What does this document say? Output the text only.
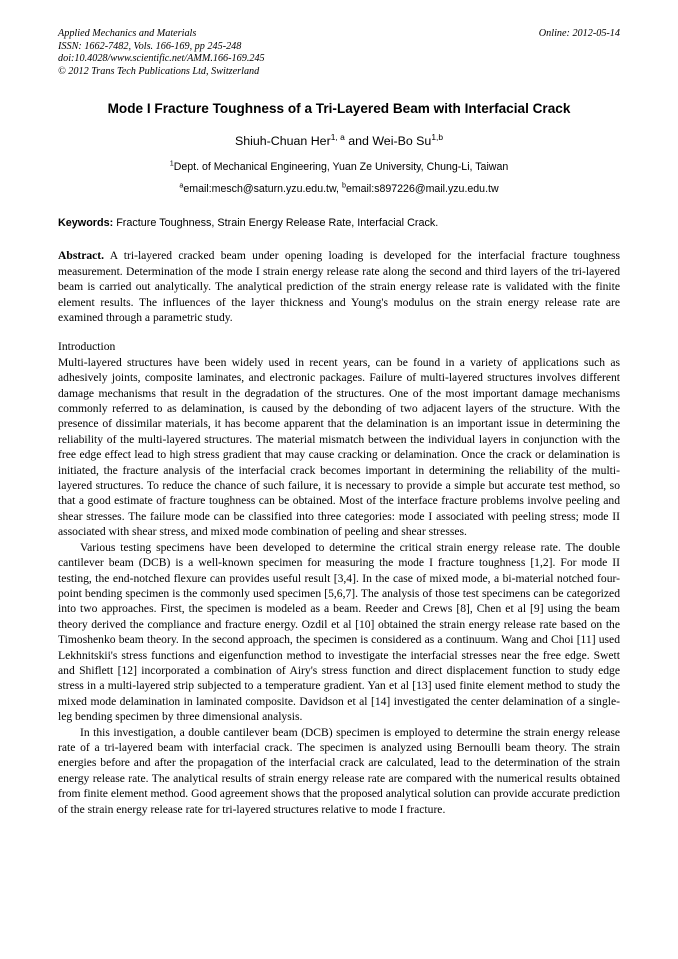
Applied Mechanics and Materials
ISSN: 1662-7482, Vols. 166-169, pp 245-248
doi:10.4028/www.scientific.net/AMM.166-169.245
© 2012 Trans Tech Publications Ltd, Switzerland
Online: 2012-05-14
Mode I Fracture Toughness of a Tri-Layered Beam with Interfacial Crack
Shiuh-Chuan Her$^{1, a}$ and Wei-Bo Su$^{1,b}$
$^1$Dept. of Mechanical Engineering, Yuan Ze University, Chung-Li, Taiwan
$^a$email:mesch@saturn.yzu.edu.tw, $^b$email:s897226@mail.yzu.edu.tw
Keywords: Fracture Toughness, Strain Energy Release Rate, Interfacial Crack.
Abstract. A tri-layered cracked beam under opening loading is developed for the interfacial fracture toughness measurement. Determination of the mode I strain energy release rate along the second and third layers of the tri-layered beam is carried out analytically. The analytical prediction of the strain energy release rate is validated with the finite element results. The influences of the layer thickness and Young's modulus on the strain energy release rate are examined through a parametric study.
Introduction

Multi-layered structures have been widely used in recent years, can be found in a variety of applications such as adhesively joints, composite laminates, and electronic packages. Failure of multi-layered structures involves different damage mechanisms that result in the degradation of the structures. One of the most important damage mechanisms commonly referred to as delamination, is caused by the debonding of two adjacent layers of the structure. With the presence of dissimilar materials, it has become apparent that the delamination is an important issue in determining the reliability of the multi-layered structures. The material mismatch between the individual layers in conjunction with the free edge effect lead to high stress gradient that may cause cracking or delamination. Once the crack or delamination is initiated, the fracture analysis of the interfacial crack becomes important in determining the reliability of the multi-layered structures. To reduce the chance of such failure, it is necessary to provide a simple but accurate test method, so that a good estimate of fracture toughness can be obtained. Most of the interface fracture problems involve peeling and shear stresses. The failure mode can be classified into three categories: mode I associated with peeling stress; mode II associated with shear stress, and mixed mode combination of peeling and shear stresses.

Various testing specimens have been developed to determine the critical strain energy release rate. The double cantilever beam (DCB) is a well-known specimen for measuring the mode I fracture toughness [1,2]. For mode II testing, the end-notched flexure can provides useful result [3,4]. In the case of mixed mode, a bi-material notched four-point bending specimen is the commonly used specimen [5,6,7]. The analysis of those test specimens can be categorized into two approaches. First, the specimen is modeled as a beam. Reeder and Crews [8], Chen et al [9] using the beam theory derived the compliance and fracture energy. Ozdil et al [10] obtained the strain energy release rate based on the Timoshenko beam theory. In the second approach, the specimen is considered as a continuum. Wang and Choi [11] used Lekhnitskii's stress functions and eigenfunction method to investigate the interfacial stresses near the free edge. Swett and Shiflett [12] incorporated a combination of Airy's stress function and direct displacement function to study edge stress in a multi-layered strip subjected to a temperature gradient. Yan et al [13] used finite element method to study the mixed mode delamination in laminated composite. Davidson et al [14] investigated the center delamination of a single-leg bending specimen by three dimensional analysis.

In this investigation, a double cantilever beam (DCB) specimen is employed to determine the strain energy release rate of a tri-layered beam with interfacial crack. The specimen is analyzed using Bernoulli beam theory. The strain energies before and after the propagation of the interfacial crack are calculated, lead to the determination of the strain energy release rate. The analytical results of strain energy release rate are compared with the numerical results obtained from finite element method. Good agreement shows that the proposed analytical solution can provide accurate prediction of the strain energy release rate for tri-layered structures relative to mode I fracture.
